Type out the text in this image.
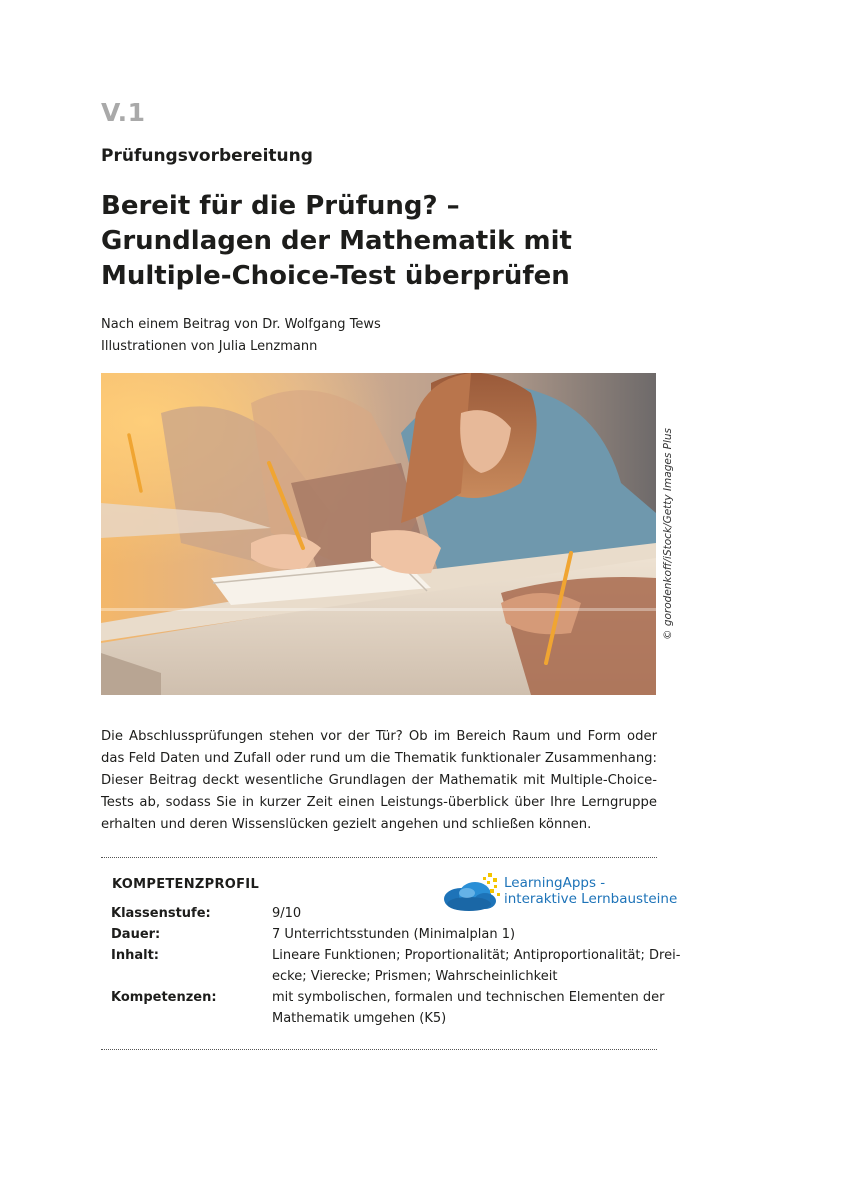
V.1
Prüfungsvorbereitung
Bereit für die Prüfung? –
Grundlagen der Mathematik mit
Multiple-Choice-Test überprüfen
Nach einem Beitrag von Dr. Wolfgang Tews
Illustrationen von Julia Lenzmann
© gorodenkoff/iStock/Getty Images Plus
Die Abschlussprüfungen stehen vor der Tür? Ob im Bereich Raum und Form oder das Feld Daten und Zufall oder rund um die Thematik funktionaler Zusammenhang: Dieser Beitrag deckt wesentliche Grundlagen der Mathematik mit Multiple-Choice-Tests ab, sodass Sie in kurzer Zeit einen Leistungs-überblick über Ihre Lerngruppe erhalten und deren Wissenslücken gezielt angehen und schließen können.
KOMPETENZPROFIL	LearningApps -
interaktive Lernbausteine
Klassenstufe:	9/10
Dauer:	7 Unterrichtsstunden (Minimalplan 1)
Inhalt:	Lineare Funktionen; Proportionalität; Antiproportionalität; Drei-
ecke; Vierecke; Prismen; Wahrscheinlichkeit
Kompetenzen:	mit symbolischen, formalen und technischen Elementen der
Mathematik umgehen (K5)
